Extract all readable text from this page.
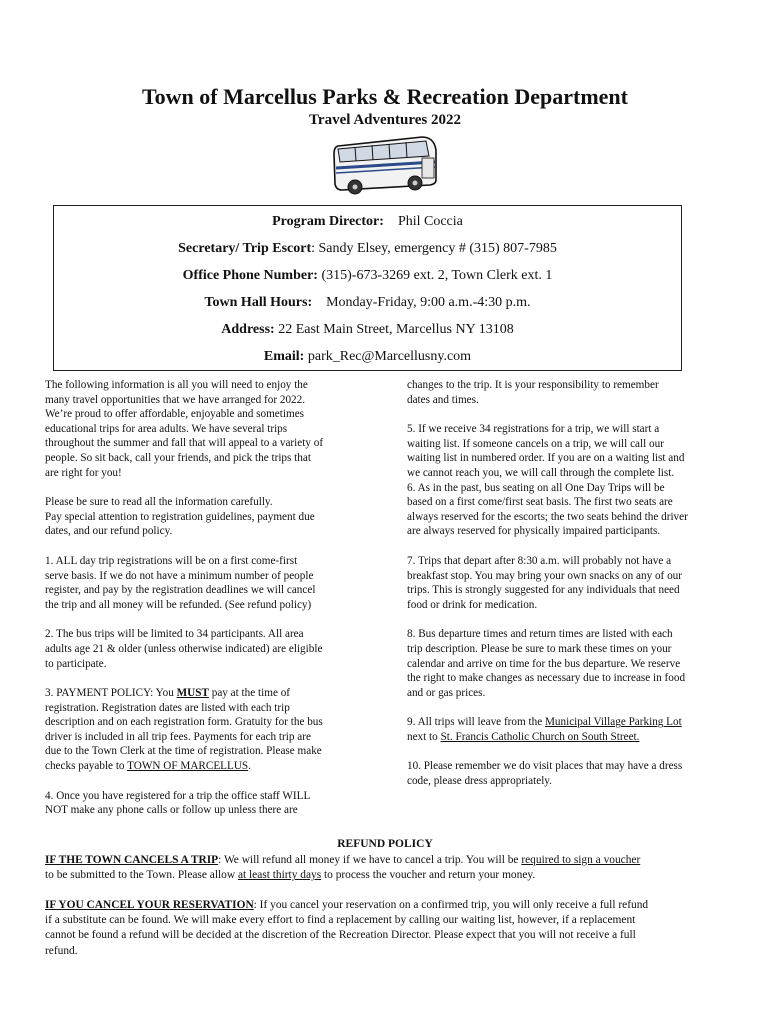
Town of Marcellus Parks & Recreation Department
Travel Adventures 2022
Program Director: Phil Coccia
Secretary/ Trip Escort: Sandy Elsey, emergency # (315) 807-7985
Office Phone Number: (315)-673-3269 ext. 2, Town Clerk ext. 1
Town Hall Hours: Monday-Friday, 9:00 a.m.-4:30 p.m.
Address: 22 East Main Street, Marcellus NY 13108
Email: park_Rec@Marcellusny.com

The following information is all you will need to enjoy the

many travel opportunities that we have arranged for 2022.

We’re proud to offer affordable, enjoyable and sometimes

educational trips for area adults. We have several trips

throughout the summer and fall that will appeal to a variety of

people. So sit back, call your friends, and pick the trips that

are right for you!

Please be sure to read all the information carefully.

Pay special attention to registration guidelines, payment due

dates, and our refund policy.

1. ALL day trip registrations will be on a first come-first

serve basis. If we do not have a minimum number of people

register, and pay by the registration deadlines we will cancel

the trip and all money will be refunded. (See refund policy)

2. The bus trips will be limited to 34 participants. All area

adults age 21 & older (unless otherwise indicated) are eligible

to participate.

3. PAYMENT POLICY: You MUST pay at the time of

registration. Registration dates are listed with each trip

description and on each registration form. Gratuity for the bus

driver is included in all trip fees. Payments for each trip are

due to the Town Clerk at the time of registration. Please make

checks payable to TOWN OF MARCELLUS.

4. Once you have registered for a trip the office staff WILL

NOT make any phone calls or follow up unless there are

changes to the trip. It is your responsibility to remember

dates and times.

5. If we receive 34 registrations for a trip, we will start a

waiting list. If someone cancels on a trip, we will call our

waiting list in numbered order. If you are on a waiting list and

we cannot reach you, we will call through the complete list.

6. As in the past, bus seating on all One Day Trips will be

based on a first come/first seat basis. The first two seats are

always reserved for the escorts; the two seats behind the driver

are always reserved for physically impaired participants.

7. Trips that depart after 8:30 a.m. will probably not have a

breakfast stop. You may bring your own snacks on any of our

trips. This is strongly suggested for any individuals that need

food or drink for medication.

8. Bus departure times and return times are listed with each

trip description. Please be sure to mark these times on your

calendar and arrive on time for the bus departure. We reserve

the right to make changes as necessary due to increase in food

and or gas prices.

9. All trips will leave from the Municipal Village Parking Lot

next to St. Francis Catholic Church on South Street.

10. Please remember we do visit places that may have a dress

code, please dress appropriately.

REFUND POLICY

IF THE TOWN CANCELS A TRIP: We will refund all money if we have to cancel a trip. You will be required to sign a voucher

to be submitted to the Town. Please allow at least thirty days to process the voucher and return your money.

IF YOU CANCEL YOUR RESERVATION: If you cancel your reservation on a confirmed trip, you will only receive a full refund

if a substitute can be found. We will make every effort to find a replacement by calling our waiting list, however, if a replacement

cannot be found a refund will be decided at the discretion of the Recreation Director. Please expect that you will not receive a full

refund.
